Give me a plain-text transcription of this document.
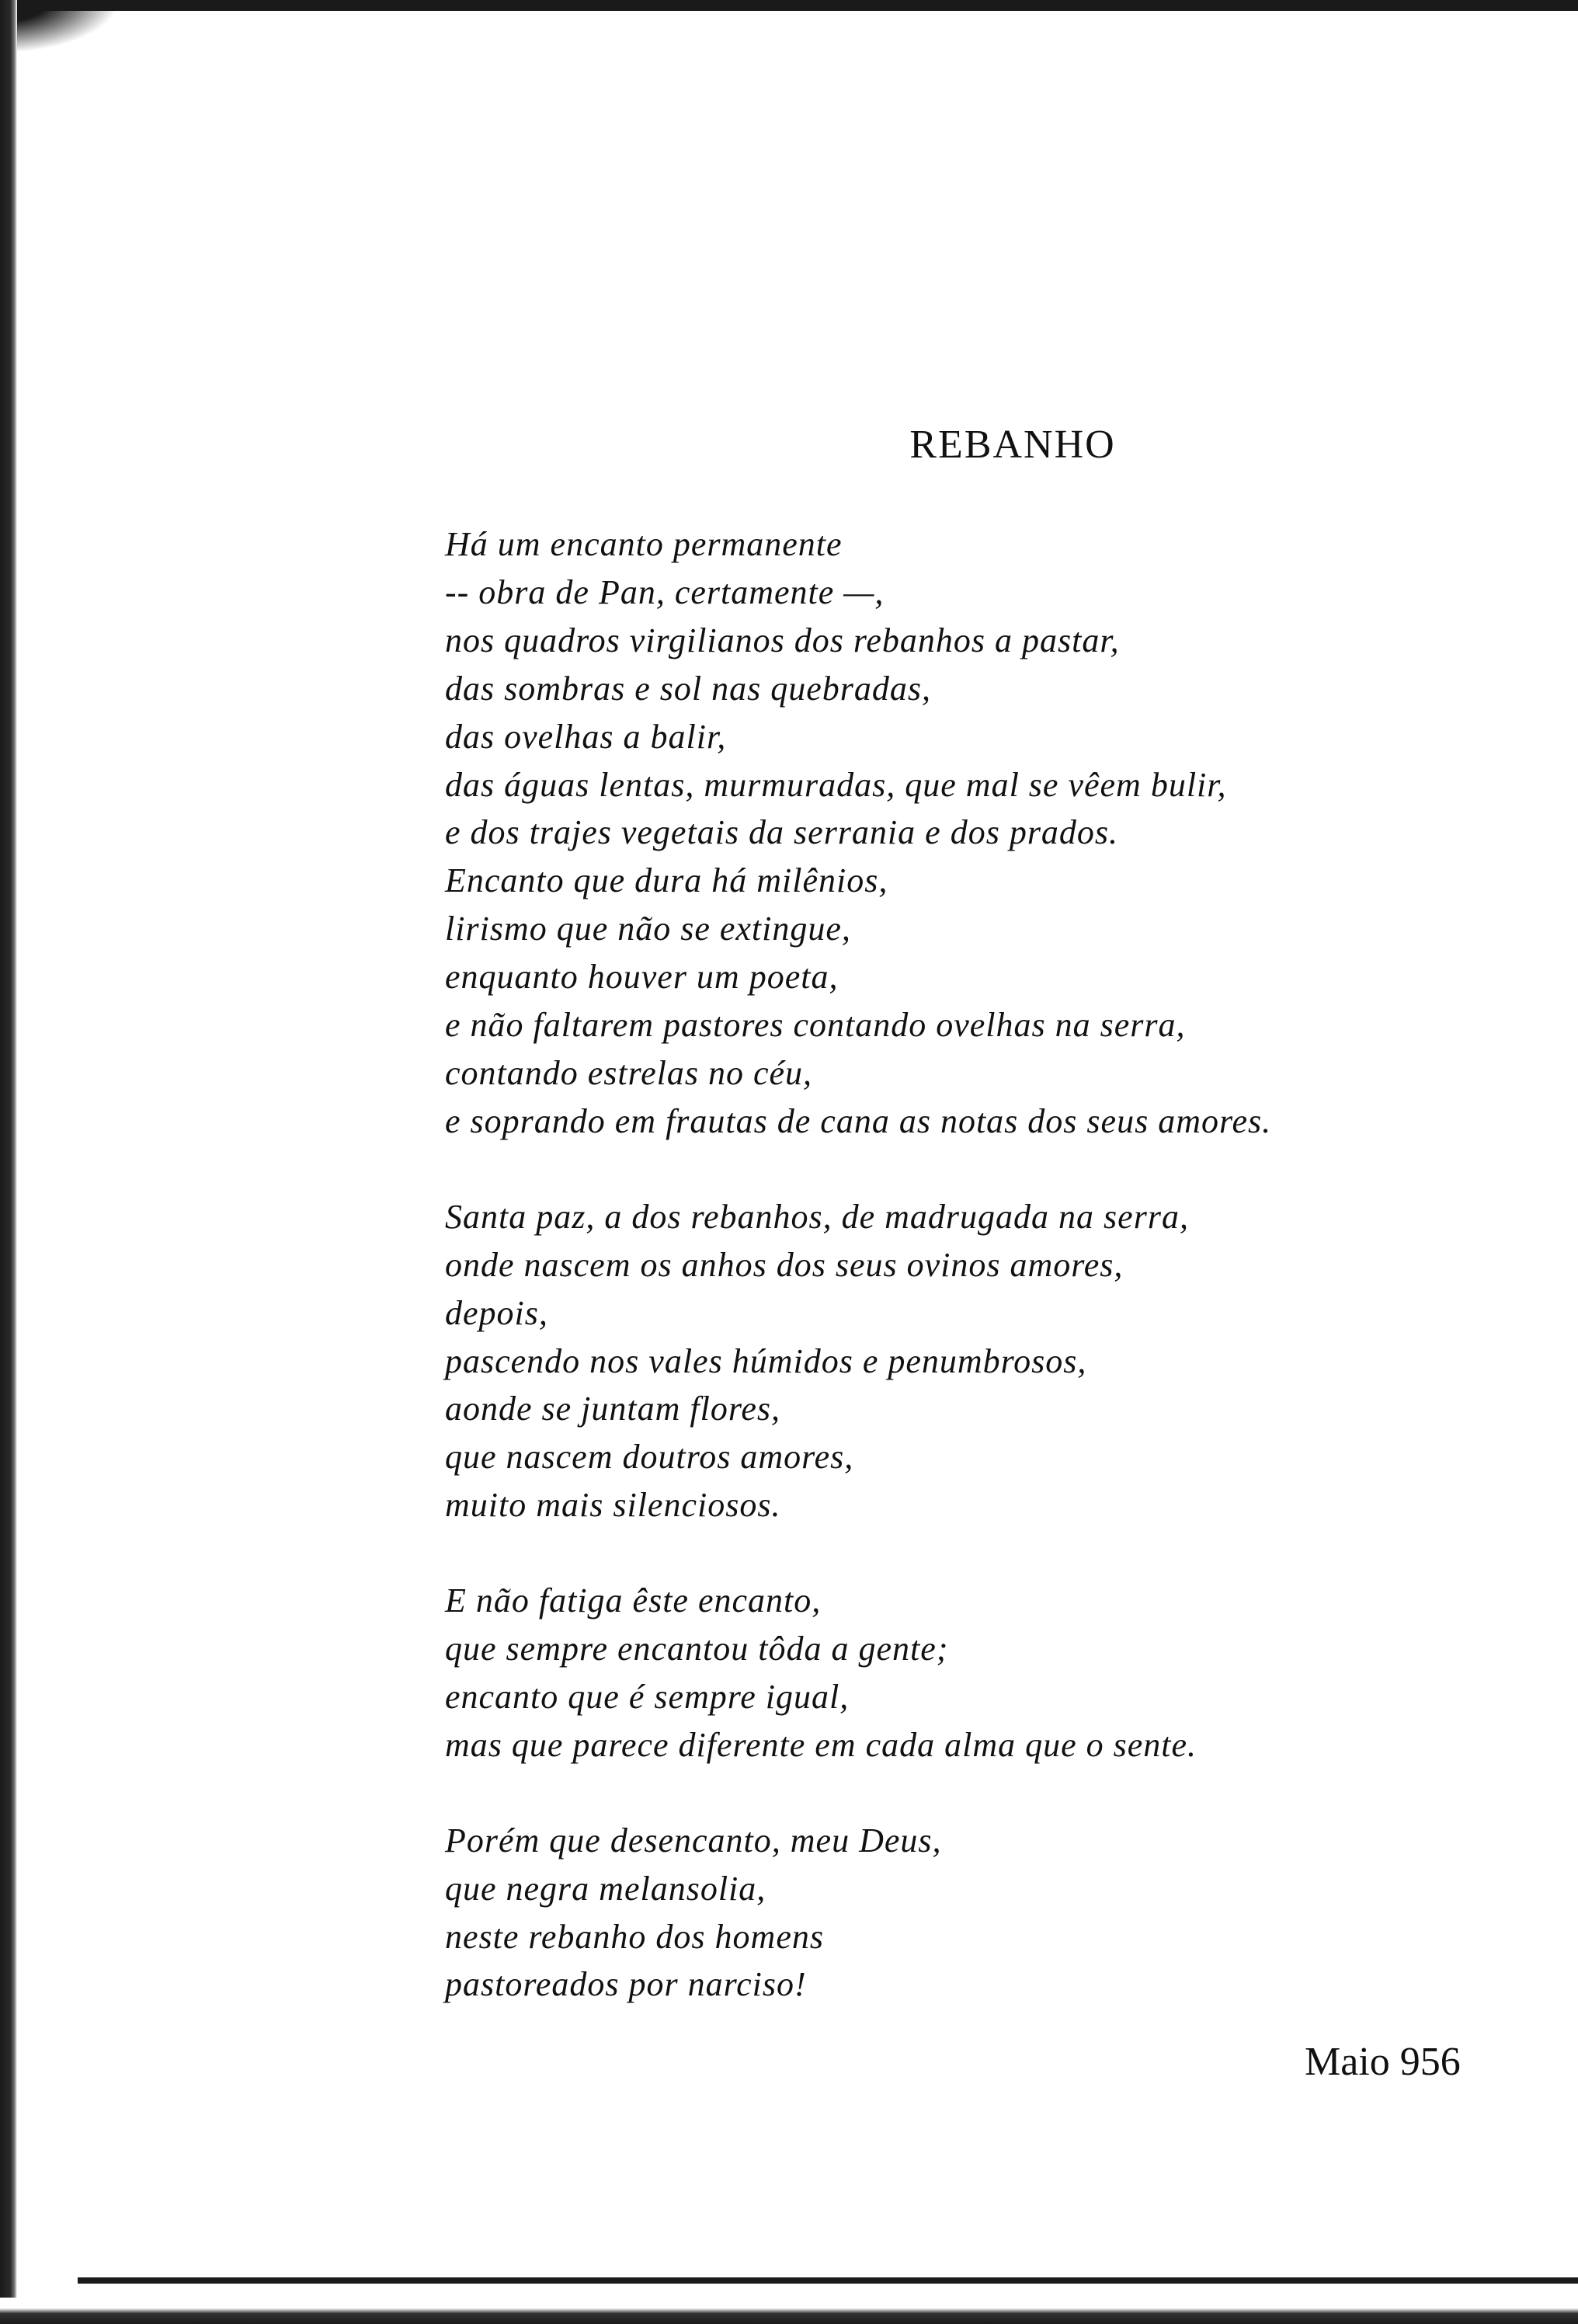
REBANHO
Há um encanto permanente
-- obra de Pan, certamente —,
nos quadros virgilianos dos rebanhos a pastar,
das sombras e sol nas quebradas,
das ovelhas a balir,
das águas lentas, murmuradas, que mal se vêem bulir,
e dos trajes vegetais da serrania e dos prados.
Encanto que dura há milênios,
lirismo que não se extingue,
enquanto houver um poeta,
e não faltarem pastores contando ovelhas na serra,
contando estrelas no céu,
e soprando em frautas de cana as notas dos seus amores.
Santa paz, a dos rebanhos, de madrugada na serra,
onde nascem os anhos dos seus ovinos amores,
depois,
pascendo nos vales húmidos e penumbrosos,
aonde se juntam flores,
que nascem doutros amores,
muito mais silenciosos.
E não fatiga êste encanto,
que sempre encantou tôda a gente;
encanto que é sempre igual,
mas que parece diferente em cada alma que o sente.
Porém que desencanto, meu Deus,
que negra melansolia,
neste rebanho dos homens
pastoreados por narciso!
Maio 956
